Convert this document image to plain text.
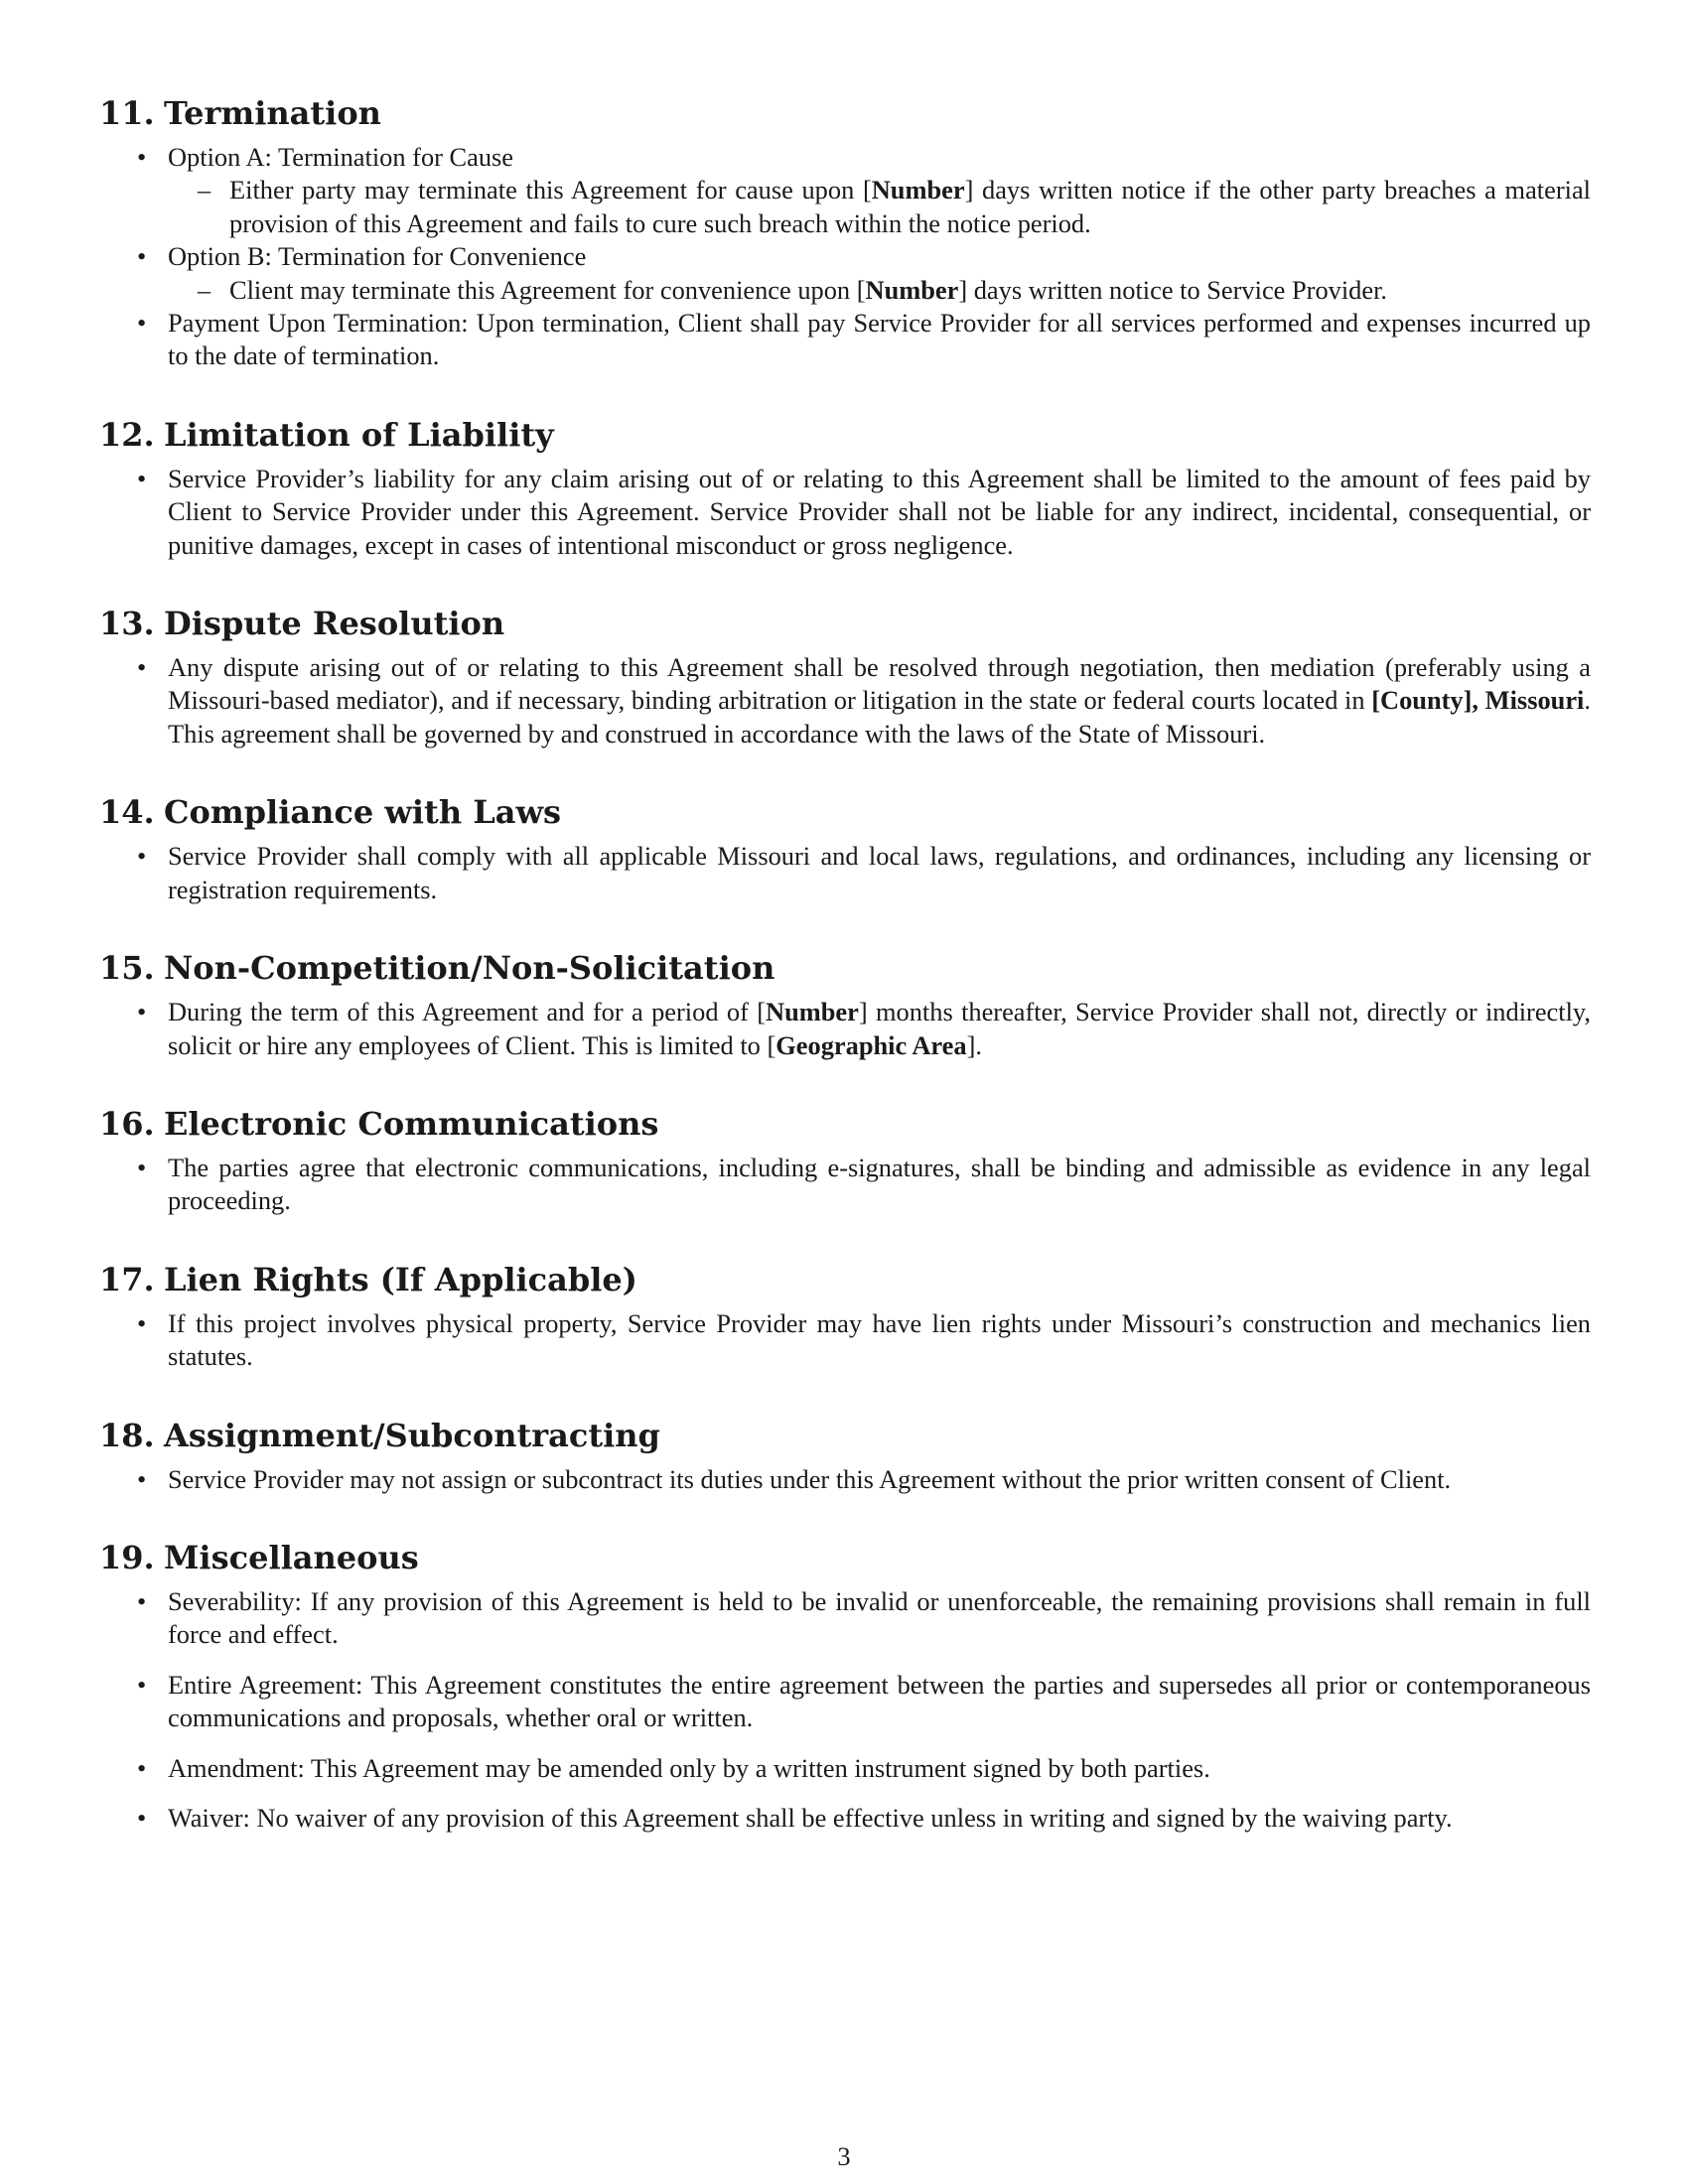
11. Termination
• Option A: Termination for Cause
– Either party may terminate this Agreement for cause upon [Number] days written notice if the other party breaches a material provision of this Agreement and fails to cure such breach within the notice period.
• Option B: Termination for Convenience
– Client may terminate this Agreement for convenience upon [Number] days written notice to Service Provider.
• Payment Upon Termination: Upon termination, Client shall pay Service Provider for all services performed and expenses incurred up to the date of termination.
12. Limitation of Liability
• Service Provider’s liability for any claim arising out of or relating to this Agreement shall be limited to the amount of fees paid by Client to Service Provider under this Agreement. Service Provider shall not be liable for any indirect, incidental, consequential, or punitive damages, except in cases of intentional misconduct or gross negligence.
13. Dispute Resolution
• Any dispute arising out of or relating to this Agreement shall be resolved through negotiation, then mediation (preferably using a Missouri-based mediator), and if necessary, binding arbitration or litigation in the state or federal courts located in [County], Missouri. This agreement shall be governed by and construed in accordance with the laws of the State of Missouri.
14. Compliance with Laws
• Service Provider shall comply with all applicable Missouri and local laws, regulations, and ordinances, including any licensing or registration requirements.
15. Non-Competition/Non-Solicitation
• During the term of this Agreement and for a period of [Number] months thereafter, Service Provider shall not, directly or indirectly, solicit or hire any employees of Client. This is limited to [Geographic Area].
16. Electronic Communications
• The parties agree that electronic communications, including e-signatures, shall be binding and admissible as evidence in any legal proceeding.
17. Lien Rights (If Applicable)
• If this project involves physical property, Service Provider may have lien rights under Missouri’s construction and mechanics lien statutes.
18. Assignment/Subcontracting
• Service Provider may not assign or subcontract its duties under this Agreement without the prior written consent of Client.
19. Miscellaneous
• Severability: If any provision of this Agreement is held to be invalid or unenforceable, the remaining provisions shall remain in full force and effect.
• Entire Agreement: This Agreement constitutes the entire agreement between the parties and supersedes all prior or contemporaneous communications and proposals, whether oral or written.
• Amendment: This Agreement may be amended only by a written instrument signed by both parties.
• Waiver: No waiver of any provision of this Agreement shall be effective unless in writing and signed by the waiving party.
3
